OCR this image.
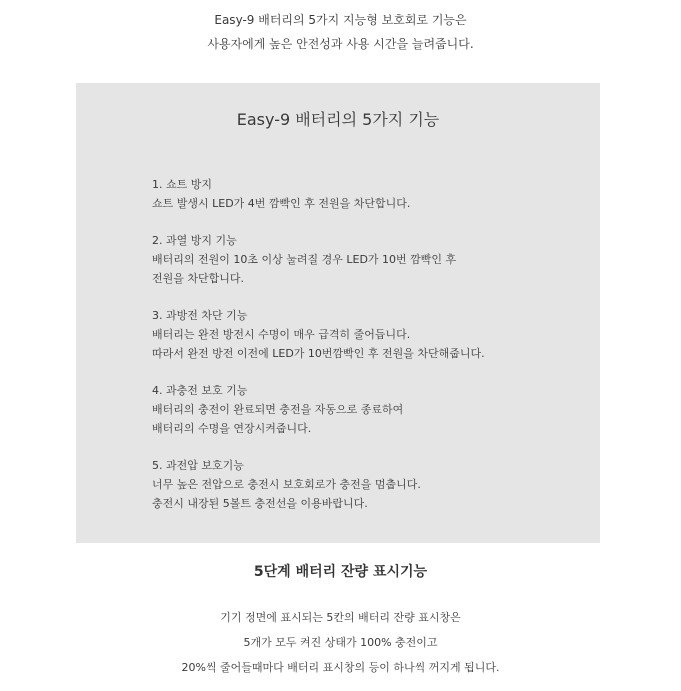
Easy-9 배터리의 5가지 지능형 보호회로 기능은

사용자에게 높은 안전성과 사용 시간을 늘려줍니다.

Easy-9 배터리의 5가지 기능

1. 쇼트 방지

쇼트 발생시 LED가 4번 깜빡인 후 전원을 차단합니다.

2. 과열 방지 기능

배터리의 전원이 10초 이상 눌려질 경우 LED가 10번 깜빡인 후

전원을 차단합니다.

3. 과방전 차단 기능

배터리는 완전 방전시 수명이 매우 급격히 줄어듭니다.

따라서 완전 방전 이전에 LED가 10번깜빡인 후 전원을 차단해줍니다.

4. 과충전 보호 기능

배터리의 충전이 완료되면 충전을 자동으로 종료하여

배터리의 수명을 연장시켜줍니다.

5. 과전압 보호기능

너무 높은 전압으로 충전시 보호회로가 충전을 멈춥니다.

충전시 내장된 5볼트 충전선을 이용바랍니다.

5단계 배터리 잔량 표시기능

기기 정면에 표시되는 5칸의 배터리 잔량 표시창은

5개가 모두 켜진 상태가 100% 충전이고

20%씩 줄어들때마다 배터리 표시창의 등이 하나씩 꺼지게 됩니다.
